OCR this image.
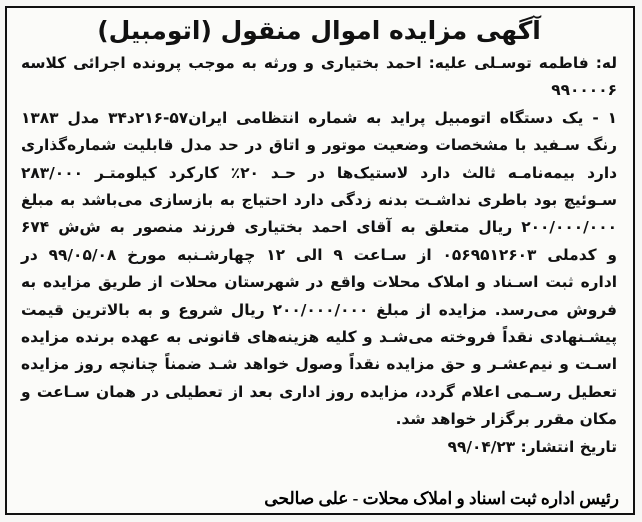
آگهی مزایده اموال منقول (اتومبیل)
له: فاطمه توسـلی علیه: احمد بختیاری و ورثه به موجب پرونده اجرائی کلاسه
۹۹۰۰۰۰۶
۱ - یک دستگاه اتومبیل پراید به شماره انتظامی ایران۵۷-۲۱۶د۳۴ مدل ۱۳۸۳
رنگ سـفید با مشخصات وضعیت موتور و اتاق در حد مدل قابلیت شماره‌گذاری
دارد بیمه‌نامـه ثالث دارد لاستیک‌ها در حـد ۲۰٪ کارکرد کیلومتـر ۲۸۳/۰۰۰
سـوئیچ بود باطری نداشـت بدنه زدگی دارد احتیاج به بازسازی می‌باشد به مبلغ
۲۰۰/۰۰۰/۰۰۰ ریال متعلق به آقای احمد بختیاری فرزند منصور به ش‌ش ۶۷۴
و کدملی ۰۵۶۹۵۱۲۶۰۳ از سـاعت ۹ الی ۱۲ چهارشـنبه مورخ ۹۹/۰۵/۰۸ در
اداره ثبت اسـناد و املاک محلات واقع در شهرستان محلات از طریق مزایده به
فروش می‌رسد. مزایده از مبلغ ۲۰۰/۰۰۰/۰۰۰ ریال شروع و به بالاترین قیمت
پیشـنهادی نقداً فروخته می‌شـد و کلیه هزینه‌های قانونی به عهده برنده مزایده
اسـت و نیم‌عشـر و حق مزایده نقداً وصول خواهد شـد ضمناً چنانچه روز مزایده
تعطیل رسـمی اعلام گردد، مزایده روز اداری بعد از تعطیلی در همان سـاعت و
مکان مقرر برگزار خواهد شد.
تاریخ انتشار: ۹۹/۰۴/۲۳
رئیس اداره ثبت اسناد و املاک محلات - علی صالحی
